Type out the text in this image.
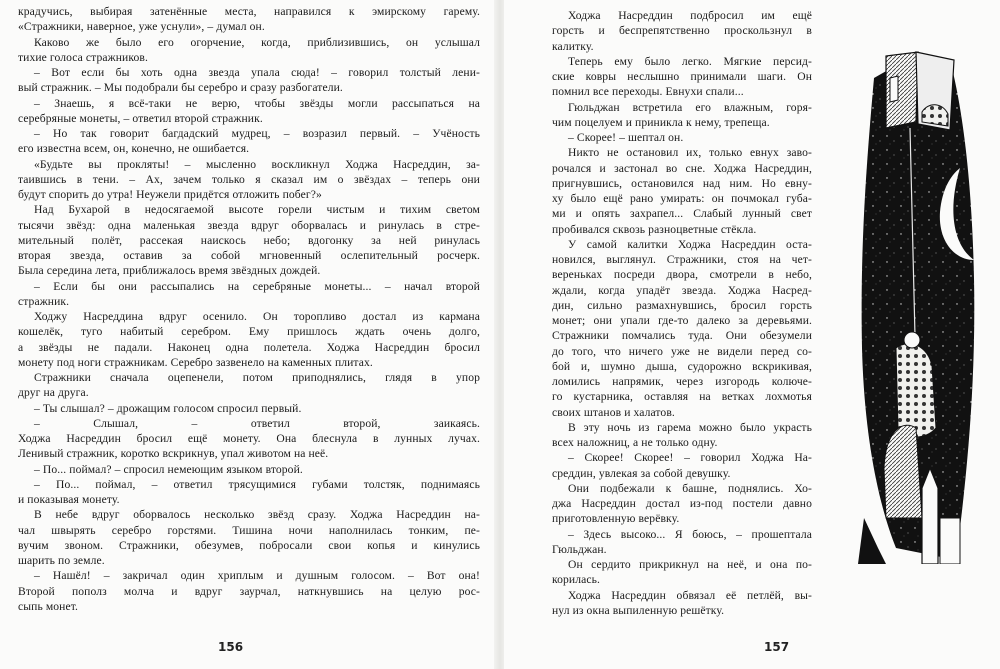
крадучись, выбирая затенённые места, направился к эмирскому гарему.
«Стражники, наверное, уже уснули», – думал он.
Каково же было его огорчение, когда, приблизившись, он услышал
тихие голоса стражников.
– Вот если бы хоть одна звезда упала сюда! – говорил толстый лени-
вый стражник. – Мы подобрали бы серебро и сразу разбогатели.
– Знаешь, я всё-таки не верю, чтобы звёзды могли рассыпаться на
серебряные монеты, – ответил второй стражник.
– Но так говорит багдадский мудрец, – возразил первый. – Учёность
его известна всем, он, конечно, не ошибается.
«Будьте вы прокляты! – мысленно воскликнул Ходжа Насреддин, за-
таившись в тени. – Ах, зачем только я сказал им о звёздах – теперь они
будут спорить до утра! Неужели придётся отложить побег?»
Над Бухарой в недосягаемой высоте горели чистым и тихим светом
тысячи звёзд: одна маленькая звезда вдруг оборвалась и ринулась в стре-
мительный полёт, рассекая наискось небо; вдогонку за ней ринулась
вторая звезда, оставив за собой мгновенный ослепительный росчерк.
Была середина лета, приближалось время звёздных дождей.
– Если бы они рассыпались на серебряные монеты... – начал второй
стражник.
Ходжу Насреддина вдруг осенило. Он торопливо достал из кармана
кошелёк, туго набитый серебром. Ему пришлось ждать очень долго,
а звёзды не падали. Наконец одна полетела. Ходжа Насреддин бросил
монету под ноги стражникам. Серебро зазвенело на каменных плитах.
Стражники сначала оцепенели, потом приподнялись, глядя в упор
друг на друга.
– Ты слышал? – дрожащим голосом спросил первый.
– Слышал, – ответил второй, заикаясь.
Ходжа Насреддин бросил ещё монету. Она блеснула в лунных лучах.
Ленивый стражник, коротко вскрикнув, упал животом на неё.
– По... поймал? – спросил немеющим языком второй.
– По... поймал, – ответил трясущимися губами толстяк, поднимаясь
и показывая монету.
В небе вдруг оборвалось несколько звёзд сразу. Ходжа Насреддин на-
чал швырять серебро горстями. Тишина ночи наполнилась тонким, пе-
вучим звоном. Стражники, обезумев, побросали свои копья и кинулись
шарить по земле.
– Нашёл! – закричал один хриплым и душным голосом. – Вот она!
Второй пополз молча и вдруг заурчал, наткнувшись на целую рос-
сыпь монет.
Ходжа Насреддин подбросил им ещё
горсть и беспрепятственно проскользнул в
калитку.
Теперь ему было легко. Мягкие персид-
ские ковры неслышно принимали шаги. Он
помнил все переходы. Евнухи спали...
Гюльджан встретила его влажным, горя-
чим поцелуем и приникла к нему, трепеща.
– Скорее! – шептал он.
Никто не остановил их, только евнух заво-
рочался и застонал во сне. Ходжа Насреддин,
пригнувшись, остановился над ним. Но евну-
ху было ещё рано умирать: он почмокал губа-
ми и опять захрапел... Слабый лунный свет
пробивался сквозь разноцветные стёкла.
У самой калитки Ходжа Насреддин оста-
новился, выглянул. Стражники, стоя на чет-
вереньках посреди двора, смотрели в небо,
ждали, когда упадёт звезда. Ходжа Насред-
дин, сильно размахнувшись, бросил горсть
монет; они упали где-то далеко за деревьями.
Стражники помчались туда. Они обезумели
до того, что ничего уже не видели перед со-
бой и, шумно дыша, судорожно вскрикивая,
ломились напрямик, через изгородь колюче-
го кустарника, оставляя на ветках лохмотья
своих штанов и халатов.
В эту ночь из гарема можно было украсть
всех наложниц, а не только одну.
– Скорее! Скорее! – говорил Ходжа На-
среддин, увлекая за собой девушку.
Они подбежали к башне, поднялись. Хо-
джа Насреддин достал из-под постели давно
приготовленную верёвку.
– Здесь высоко... Я боюсь, – прошептала
Гюльджан.
Он сердито прикрикнул на неё, и она по-
корилась.
Ходжа Насреддин обвязал её петлёй, вы-
нул из окна выпиленную решётку.
156	157
